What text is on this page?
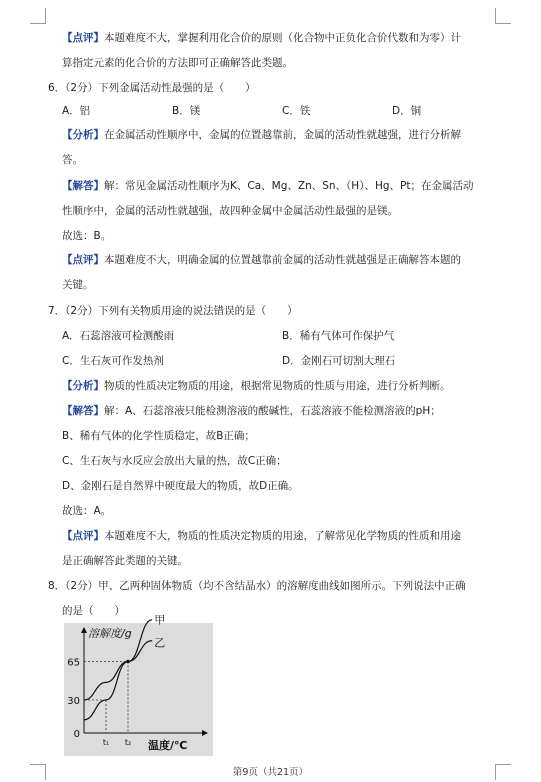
【点评】本题难度不大，掌握利用化合价的原则（化合物中正负化合价代数和为零）计
算指定元素的化合价的方法即可正确解答此类题。
6．（2分）下列金属活动性最强的是（　　）
A．铝	B．镁	C．铁	D．铜
【分析】在金属活动性顺序中，金属的位置越靠前，金属的活动性就越强，进行分析解
答。
【解答】解：常见金属活动性顺序为K、Ca、Mg、Zn、Sn、（H）、Hg、Pt；在金属活动
性顺序中，金属的活动性就越强，故四种金属中金属活动性最强的是镁。
故选：B。
【点评】本题难度不大，明确金属的位置越靠前金属的活动性就越强是正确解答本题的
关键。
7．（2分）下列有关物质用途的说法错误的是（　　）
A．石蕊溶液可检测酸雨	B．稀有气体可作保护气
C．生石灰可作发热剂	D．金刚石可切割大理石
【分析】物质的性质决定物质的用途，根据常见物质的性质与用途，进行分析判断。
【解答】解：A、石蕊溶液只能检测溶液的酸碱性，石蕊溶液不能检测溶液的pH；
B、稀有气体的化学性质稳定，故B正确；
C、生石灰与水反应会放出大量的热，故C正确；
D、金刚石是自然界中硬度最大的物质，故D正确。
故选：A。
【点评】本题难度不大，物质的性质决定物质的用途，了解常见化学物质的性质和用途
是正确解答此类题的关键。
8．（2分）甲、乙两种固体物质（均不含结晶水）的溶解度曲线如图所示。下列说法中正确
的是（　　）
溶解度/g
温度/℃
0
30
65
t₁ t₂
甲
乙
第9页（共21页）
